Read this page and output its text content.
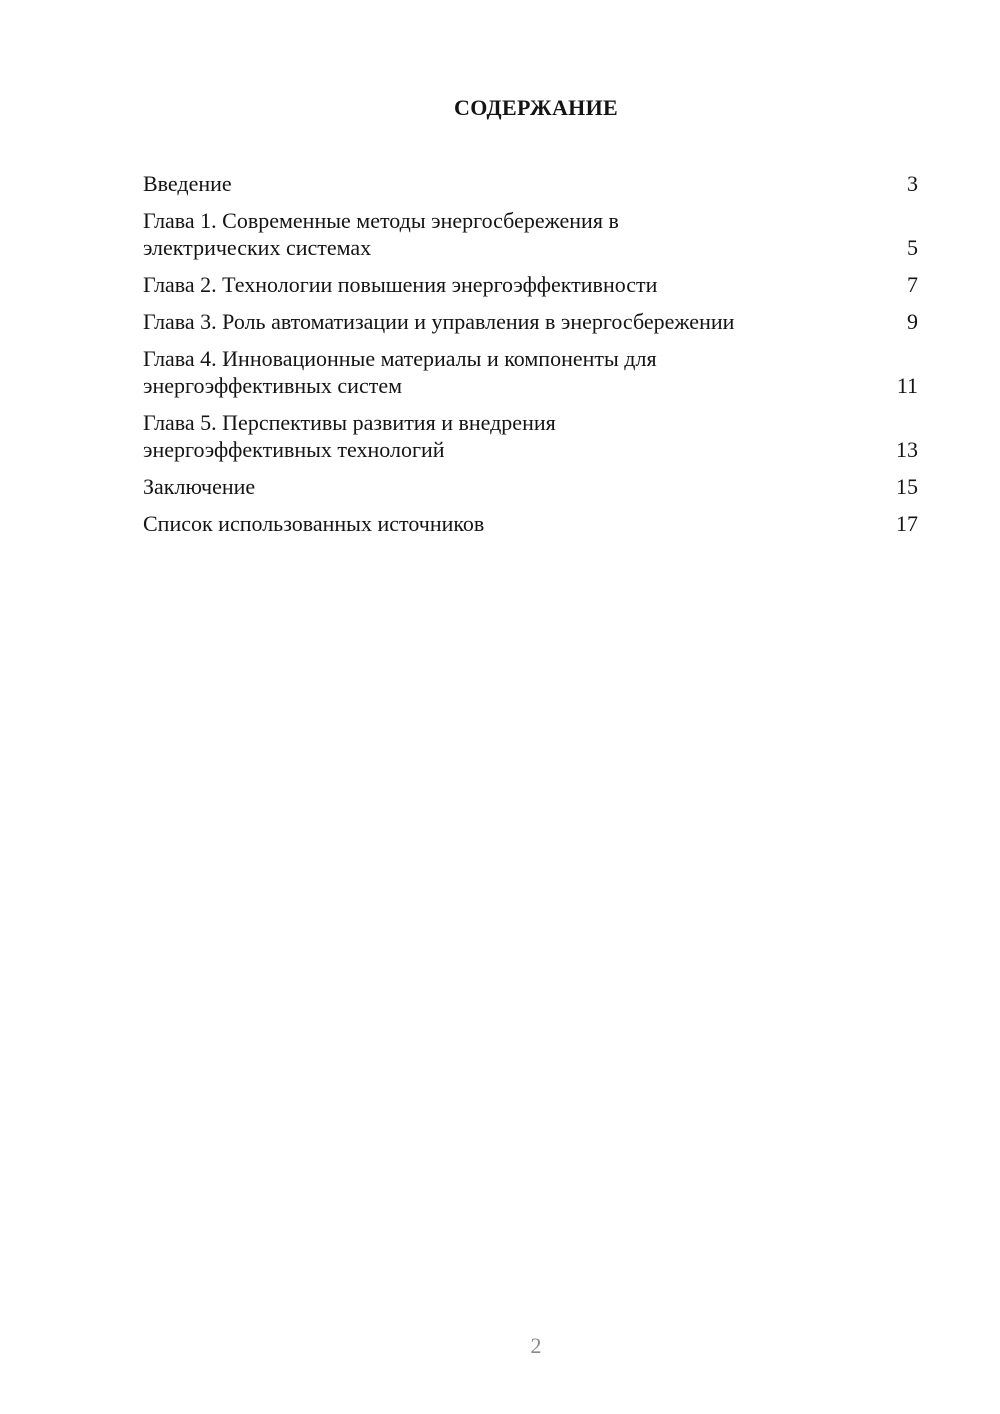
СОДЕРЖАНИЕ
Введение	3
Глава 1. Современные методы энергосбережения в
электрических системах	5
Глава 2. Технологии повышения энергоэффективности	7
Глава 3. Роль автоматизации и управления в энергосбережении	9
Глава 4. Инновационные материалы и компоненты для
энергоэффективных систем	11
Глава 5. Перспективы развития и внедрения
энергоэффективных технологий	13
Заключение	15
Список использованных источников	17
2
